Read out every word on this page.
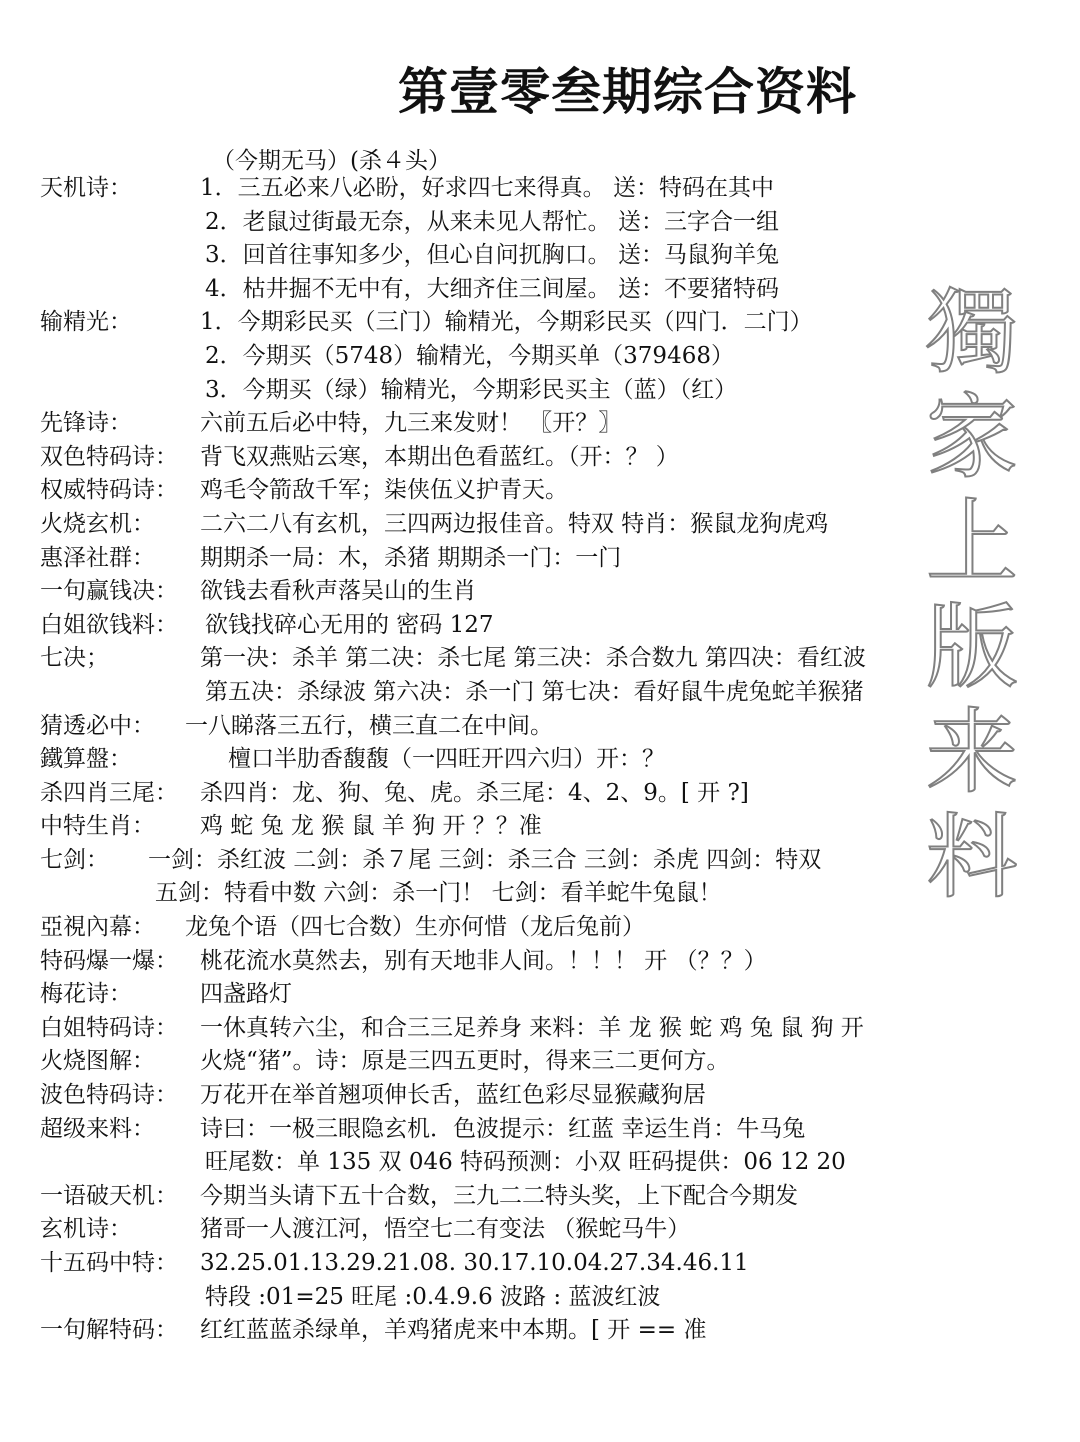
第壹零叁期综合资料
（今期无马）(杀４头）
天机诗：	1．三五必来八必盼，好求四七来得真。 送：特码在其中
2．老鼠过街最无奈，从来未见人帮忙。 送：三字合一组
3．回首往事知多少，但心自问扤胸口。 送：马鼠狗羊兔
4．枯井掘不无中有，大细齐住三间屋。 送：不要猪特码
输精光：	1．今期彩民买（三门）输精光，今期彩民买（四门．二门）
2．今期买（5748）输精光，今期买单（379468）
3．今期买（绿）输精光，今期彩民买主（蓝）（红）
先锋诗：	六前五后必中特，九三来发财！ 〖开？〗
双色特码诗： 背飞双燕贴云寒，本期出色看蓝红。（开：？ ）
权威特码诗： 鸡毛令箭敌千军；柒侠伍义护青天。
火烧玄机： 二六二八有玄机，三四两边报佳音。特双 特肖：猴鼠龙狗虎鸡
惠泽社群： 期期杀一局：木，杀猪 期期杀一门：一门
一句赢钱决： 欲钱去看秋声落吴山的生肖
白姐欲钱料： 欲钱找碎心无用的 密码 127
七决；	第一决：杀羊 第二决：杀七尾 第三决：杀合数九 第四决：看红波
第五决：杀绿波 第六决：杀一门 第七决：看好鼠牛虎兔蛇羊猴猪
猜透必中： 一八睇落三五行，横三直二在中间。
鐵算盤：	檀口半肋香馥馥（一四旺开四六归）开：？
杀四肖三尾： 杀四肖：龙、狗、兔、虎。杀三尾：4、2、9。[ 开 ?]
中特生肖： 鸡 蛇 兔 龙 猴 鼠 羊 狗 开 ？？准
七剑： 一剑：杀红波 二剑：杀７尾 三剑：杀三合 三剑：杀虎 四剑：特双
五剑：特看中数 六剑：杀一门！ 七剑：看羊蛇牛兔鼠！
亞視內幕： 龙兔个语（四七合数）生亦何惜（龙后兔前）
特码爆一爆： 桃花流水莫然去，别有天地非人间。！！！ 开 （？？）
梅花诗：	四盏路灯
白姐特码诗： 一休真转六尘，和合三三足养身 来料：羊 龙 猴 蛇 鸡 兔 鼠 狗 开
火烧图解： 火烧“猪”。诗：原是三四五更时，得来三二更何方。
波色特码诗： 万花开在举首翘项伸长舌，蓝红色彩尽显猴藏狗居
超级来料： 诗曰：一极三眼隐玄机．色波提示：红蓝 幸运生肖：牛马兔
旺尾数：单 135 双 046 特码预测：小双 旺码提供：06 12 20
一语破天机： 今期当头请下五十合数，三九二二特头奖，上下配合今期发
玄机诗：	猪哥一人渡江河，悟空七二有变法 （猴蛇马牛）
十五码中特： 32.25.01.13.29.21.08. 30.17.10.04.27.34.46.11
特段 :01=25 旺尾 :0.4.9.6 波路 : 蓝波红波
一句解特码： 红红蓝蓝杀绿单，羊鸡猪虎来中本期。[ 开 == 准
獨
家
上
版
来
料
